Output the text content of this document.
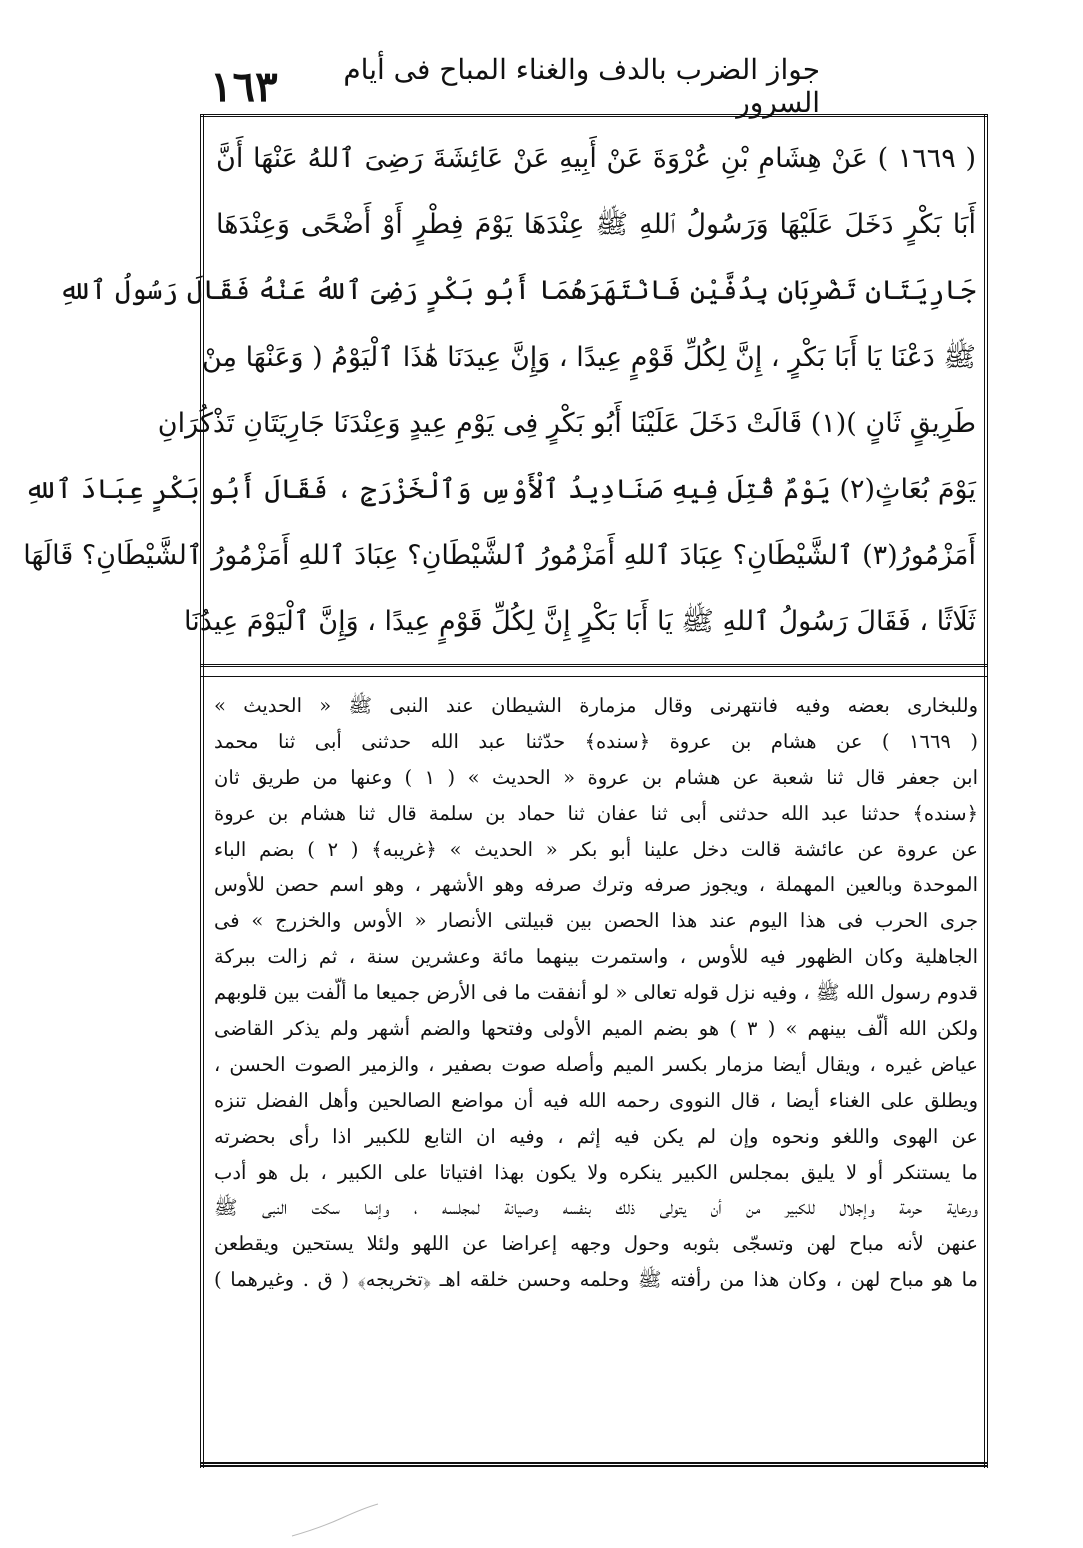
جواز الضرب بالدف والغناء المباح فى أيام السرور
١٦٣
( ١٦٦٩ ) عَنْ هِشَامِ بْنِ عُرْوَةَ عَنْ أَبِيهِ عَنْ عَائِشَةَ رَضِىَ ٱللهُ عَنْهَا أَنَّ
أَبَا بَكْرٍ دَخَلَ عَلَيْهَا وَرَسُولُ ٱللهِ ﷺ عِنْدَهَا يَوْمَ فِطْرٍ أَوْ أَضْحًى وَعِنْدَهَا
جَارِيَتَانِ تَضْرِبَانِ بِدُفَّيْنِ فَانْتَهَرَهُمَا أَبُو بَكْرٍ رَضِىَ ٱللهُ عَنْهُ فَقَالَ رَسُولُ ٱللهِ
ﷺ دَعْنَا يَا أَبَا بَكْرٍ ، إِنَّ لِكُلِّ قَوْمٍ عِيدًا ، وَإِنَّ عِيدَنَا هَٰذَا ٱلْيَوْمُ ( وَعَنْهَا مِنْ
طَرِيقٍ ثَانٍ )(١) قَالَتْ دَخَلَ عَلَيْنَا أَبُو بَكْرٍ فِى يَوْمِ عِيدٍ وَعِنْدَنَا جَارِيَتَانِ تَذْكُرَانِ
يَوْمَ بُعَاثٍ(٢) يَوْمٌ قُتِلَ فِيهِ صَنَادِيدُ ٱلْأَوْسِ وَٱلْخَزْرَجِ ، فَقَالَ أَبُو بَكْرٍ عِبَادَ ٱللهِ
أَمَزْمُورُ(٣) ٱلشَّيْطَانِ؟ عِبَادَ ٱللهِ أَمَزْمُورُ ٱلشَّيْطَانِ؟ عِبَادَ ٱللهِ أَمَزْمُورُ ٱلشَّيْطَانِ؟ قَالَهَا
ثَلَاثًا ، فَقَالَ رَسُولُ ٱللهِ ﷺ يَا أَبَا بَكْرٍ إِنَّ لِكُلِّ قَوْمٍ عِيدًا ، وَإِنَّ ٱلْيَوْمَ عِيدُنَا
وللبخارى بعضه وفيه فانتهرنى وقال مزمارة الشيطان عند النبى ﷺ « الحديث »
( ١٦٦٩ ) عن هشام بن عروة ﴿سنده﴾ حدّثنا عبد الله حدثنى أبى ثنا محمد
ابن جعفر قال ثنا شعبة عن هشام بن عروة « الحديث » ( ١ ) وعنها من طريق ثان
﴿سنده﴾ حدثنا عبد الله حدثنى أبى ثنا عفان ثنا حماد بن سلمة قال ثنا هشام بن عروة
عن عروة عن عائشة قالت دخل علينا أبو بكر « الحديث » ﴿غريبه﴾ ( ٢ ) بضم الباء
الموحدة وبالعين المهملة ، ويجوز صرفه وترك صرفه وهو الأشهر ، وهو اسم حصن للأوس
جرى الحرب فى هذا اليوم عند هذا الحصن بين قبيلتى الأنصار « الأوس والخزرج » فى
الجاهلية وكان الظهور فيه للأوس ، واستمرت بينهما مائة وعشرين سنة ، ثم زالت ببركة
قدوم رسول الله ﷺ ، وفيه نزل قوله تعالى « لو أنفقت ما فى الأرض جميعا ما ألّفت بين قلوبهم
ولكن الله ألّف بينهم » ( ٣ ) هو بضم الميم الأولى وفتحها والضم أشهر ولم يذكر القاضى
عياض غيره ، ويقال أيضا مزمار بكسر الميم وأصله صوت بصفير ، والزمير الصوت الحسن ،
ويطلق على الغناء أيضا ، قال النووى رحمه الله فيه أن مواضع الصالحين وأهل الفضل تنزه
عن الهوى واللغو ونحوه وإن لم يكن فيه إثم ، وفيه ان التابع للكبير اذا رأى بحضرته
ما يستنكر أو لا يليق بمجلس الكبير ينكره ولا يكون بهذا افتياتا على الكبير ، بل هو أدب
ورعاية حرمة وإجلال للكبير من أن يتولى ذلك بنفسه وصيانة لمجلسه ، وإنما سكت النبى ﷺ
عنهن لأنه مباح لهن وتسجّى بثوبه وحول وجهه إعراضا عن اللهو ولئلا يستحين ويقطعن
ما هو مباح لهن ، وكان هذا من رأفته ﷺ وحلمه وحسن خلقه اهـ ﴿تخريجه﴾ ( ق . وغيرهما )
